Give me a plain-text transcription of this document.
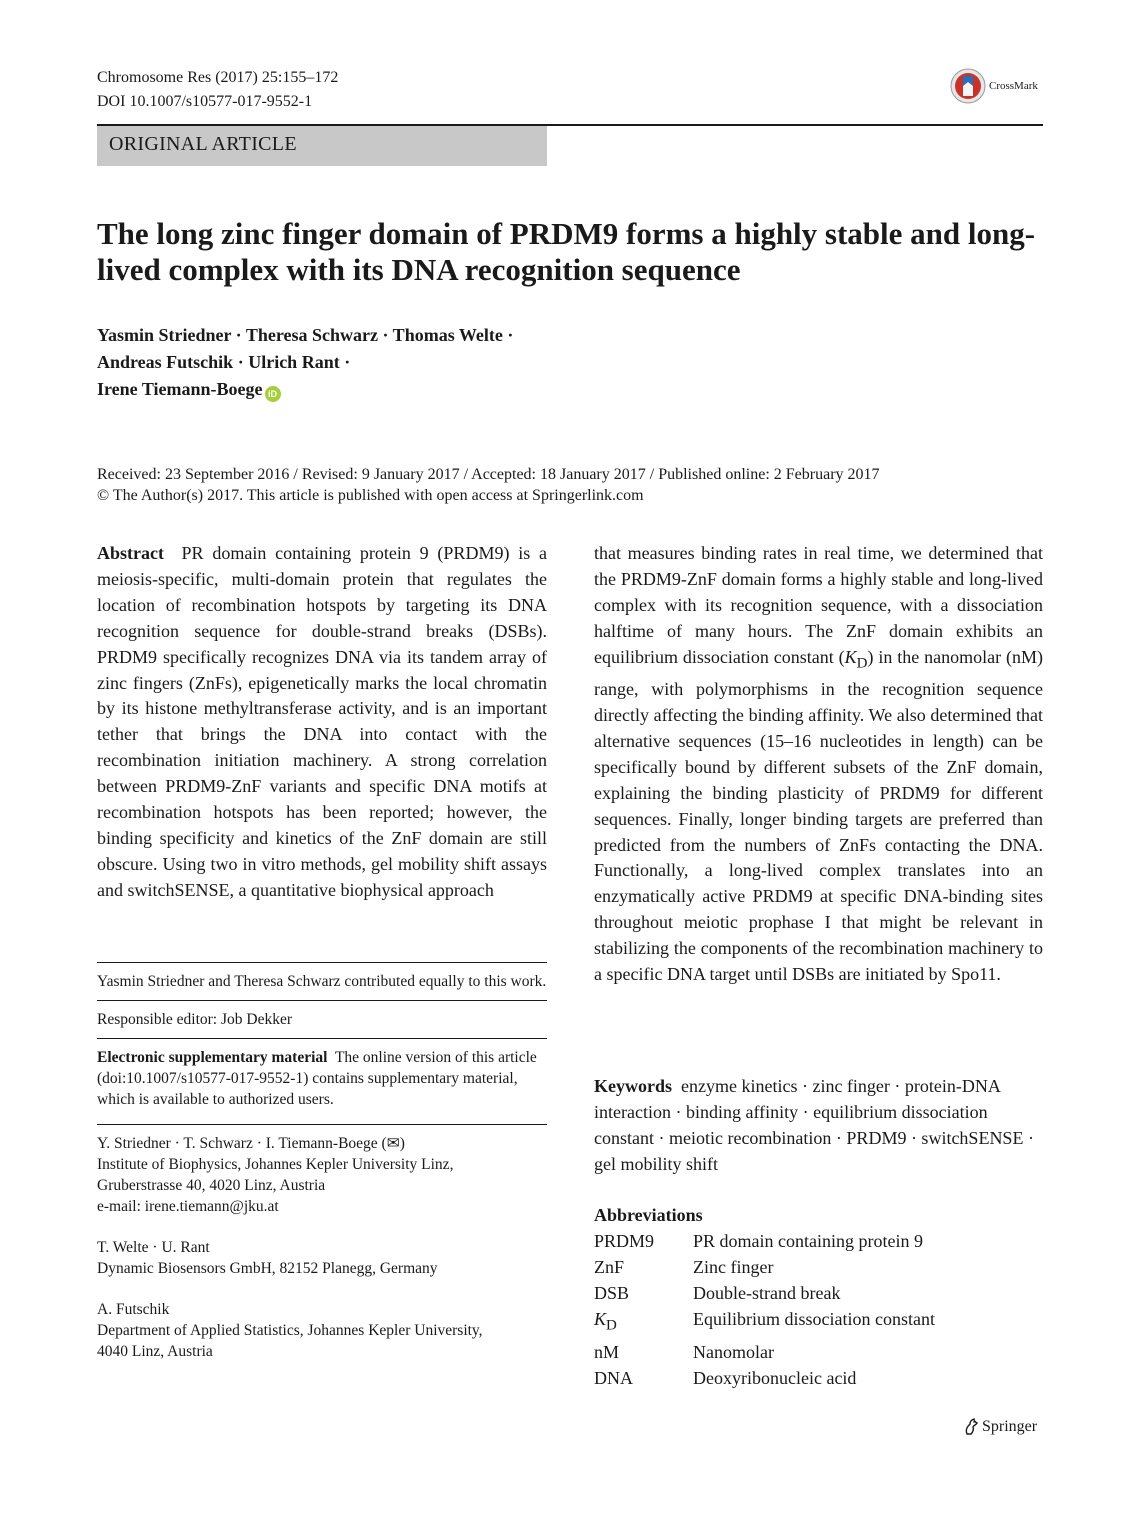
Chromosome Res (2017) 25:155–172
DOI 10.1007/s10577-017-9552-1
CrossMark
ORIGINAL ARTICLE
The long zinc finger domain of PRDM9 forms a highly stable and long-lived complex with its DNA recognition sequence
Yasmin Striedner · Theresa Schwarz · Thomas Welte ·
Andreas Futschik · Ulrich Rant ·
Irene Tiemann-Boege iD
Received: 23 September 2016 / Revised: 9 January 2017 / Accepted: 18 January 2017 / Published online: 2 February 2017
© The Author(s) 2017. This article is published with open access at Springerlink.com

Abstract PR domain containing protein 9 (PRDM9) is a meiosis-specific, multi-domain protein that regulates the location of recombination hotspots by targeting its DNA recognition sequence for double-strand breaks (DSBs). PRDM9 specifically recognizes DNA via its tandem array of zinc fingers (ZnFs), epigenetically marks the local chromatin by its histone methyltransferase activity, and is an important tether that brings the DNA into contact with the recombination initiation machinery. A strong correlation between PRDM9-ZnF variants and specific DNA motifs at recombination hotspots has been reported; however, the binding specificity and kinetics of the ZnF domain are still obscure. Using two in vitro methods, gel mobility shift assays and switchSENSE, a quantitative biophysical approach

that measures binding rates in real time, we determined that the PRDM9-ZnF domain forms a highly stable and long-lived complex with its recognition sequence, with a dissociation halftime of many hours. The ZnF domain exhibits an equilibrium dissociation constant $(K_D)$ in the nanomolar (nM) range, with polymorphisms in the recognition sequence directly affecting the binding affinity. We also determined that alternative sequences (15–16 nucleotides in length) can be specifically bound by different subsets of the ZnF domain, explaining the binding plasticity of PRDM9 for different sequences. Finally, longer binding targets are preferred than predicted from the numbers of ZnFs contacting the DNA. Functionally, a long-lived complex translates into an enzymatically active PRDM9 at specific DNA-binding sites throughout meiotic prophase I that might be relevant in stabilizing the components of the recombination machinery to a specific DNA target until DSBs are initiated by Spo11.

Yasmin Striedner and Theresa Schwarz contributed equally to this work.

Responsible editor: Job Dekker

Electronic supplementary material The online version of this article (doi:10.1007/s10577-017-9552-1) contains supplementary material, which is available to authorized users.

Y. Striedner · T. Schwarz · I. Tiemann-Boege (✉)
Institute of Biophysics, Johannes Kepler University Linz,
Gruberstrasse 40, 4020 Linz, Austria
e-mail: irene.tiemann@jku.at
T. Welte · U. Rant
Dynamic Biosensors GmbH, 82152 Planegg, Germany
A. Futschik
Department of Applied Statistics, Johannes Kepler University,
4040 Linz, Austria
Keywords enzyme kinetics · zinc finger · protein-DNA interaction · binding affinity · equilibrium dissociation constant · meiotic recombination · PRDM9 · switchSENSE · gel mobility shift
Abbreviations
PRDM9	PR domain containing protein 9
ZnF	Zinc finger
DSB	Double-strand break
$K_D$	Equilibrium dissociation constant
nM	Nanomolar
DNA	Deoxyribonucleic acid
Springer
